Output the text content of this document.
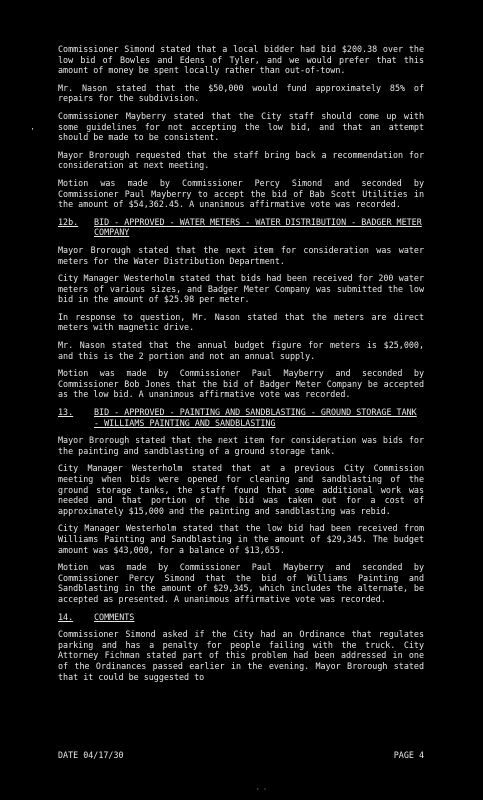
·

Commissioner Simond stated that a local bidder had bid $200.38 over the low bid of Bowles and Edens of Tyler, and we would prefer that this amount of money be spent locally rather than out-of-town.

Mr. Nason stated that the $50,000 would fund approximately 85% of repairs for the subdivision.

Commissioner Mayberry stated that the City staff should come up with some guidelines for not accepting the low bid, and that an attempt should be made to be consistent.

Mayor Brorough requested that the staff bring back a recommendation for consideration at next meeting.

Motion was made by Commissioner Percy Simond and seconded by Commissioner Paul Mayberry to accept the bid of Bab Scott Utilities in the amount of $54,362.45. A unanimous affirmative vote was recorded.

12b.	BID - APPROVED - WATER METERS - WATER DISTRIBUTION - BADGER METER COMPANY

Mayor Brorough stated that the next item for consideration was water meters for the Water Distribution Department.

City Manager Westerholm stated that bids had been received for 200 water meters of various sizes, and Badger Meter Company was submitted the low bid in the amount of $25.98 per meter.

In response to question, Mr. Nason stated that the meters are direct meters with magnetic drive.

Mr. Nason stated that the annual budget figure for meters is $25,000, and this is the 2 portion and not an annual supply.

Motion was made by Commissioner Paul Mayberry and seconded by Commissioner Bob Jones that the bid of Badger Meter Company be accepted as the low bid. A unanimous affirmative vote was recorded.

13.	BID - APPROVED - PAINTING AND SANDBLASTING - GROUND STORAGE TANK - WILLIAMS PAINTING AND SANDBLASTING

Mayor Brorough stated that the next item for consideration was bids for the painting and sandblasting of a ground storage tank.

City Manager Westerholm stated that at a previous City Commission meeting when bids were opened for cleaning and sandblasting of the ground storage tanks, the staff found that some additional work was needed and that portion of the bid was taken out for a cost of approximately $15,000 and the painting and sandblasting was rebid.

City Manager Westerholm stated that the low bid had been received from Williams Painting and Sandblasting in the amount of $29,345. The budget amount was $43,000, for a balance of $13,655.

Motion was made by Commissioner Paul Mayberry and seconded by Commissioner Percy Simond that the bid of Williams Painting and Sandblasting in the amount of $29,345, which includes the alternate, be accepted as presented. A unanimous affirmative vote was recorded.

14.	COMMENTS

Commissioner Simond asked if the City had an Ordinance that regulates parking and has a penalty for people failing with the truck. City Attorney Fichman stated part of this problem had been addressed in one of the Ordinances passed earlier in the evening. Mayor Brorough stated that it could be suggested to

DATE 04/17/30	PAGE 4
· ·
